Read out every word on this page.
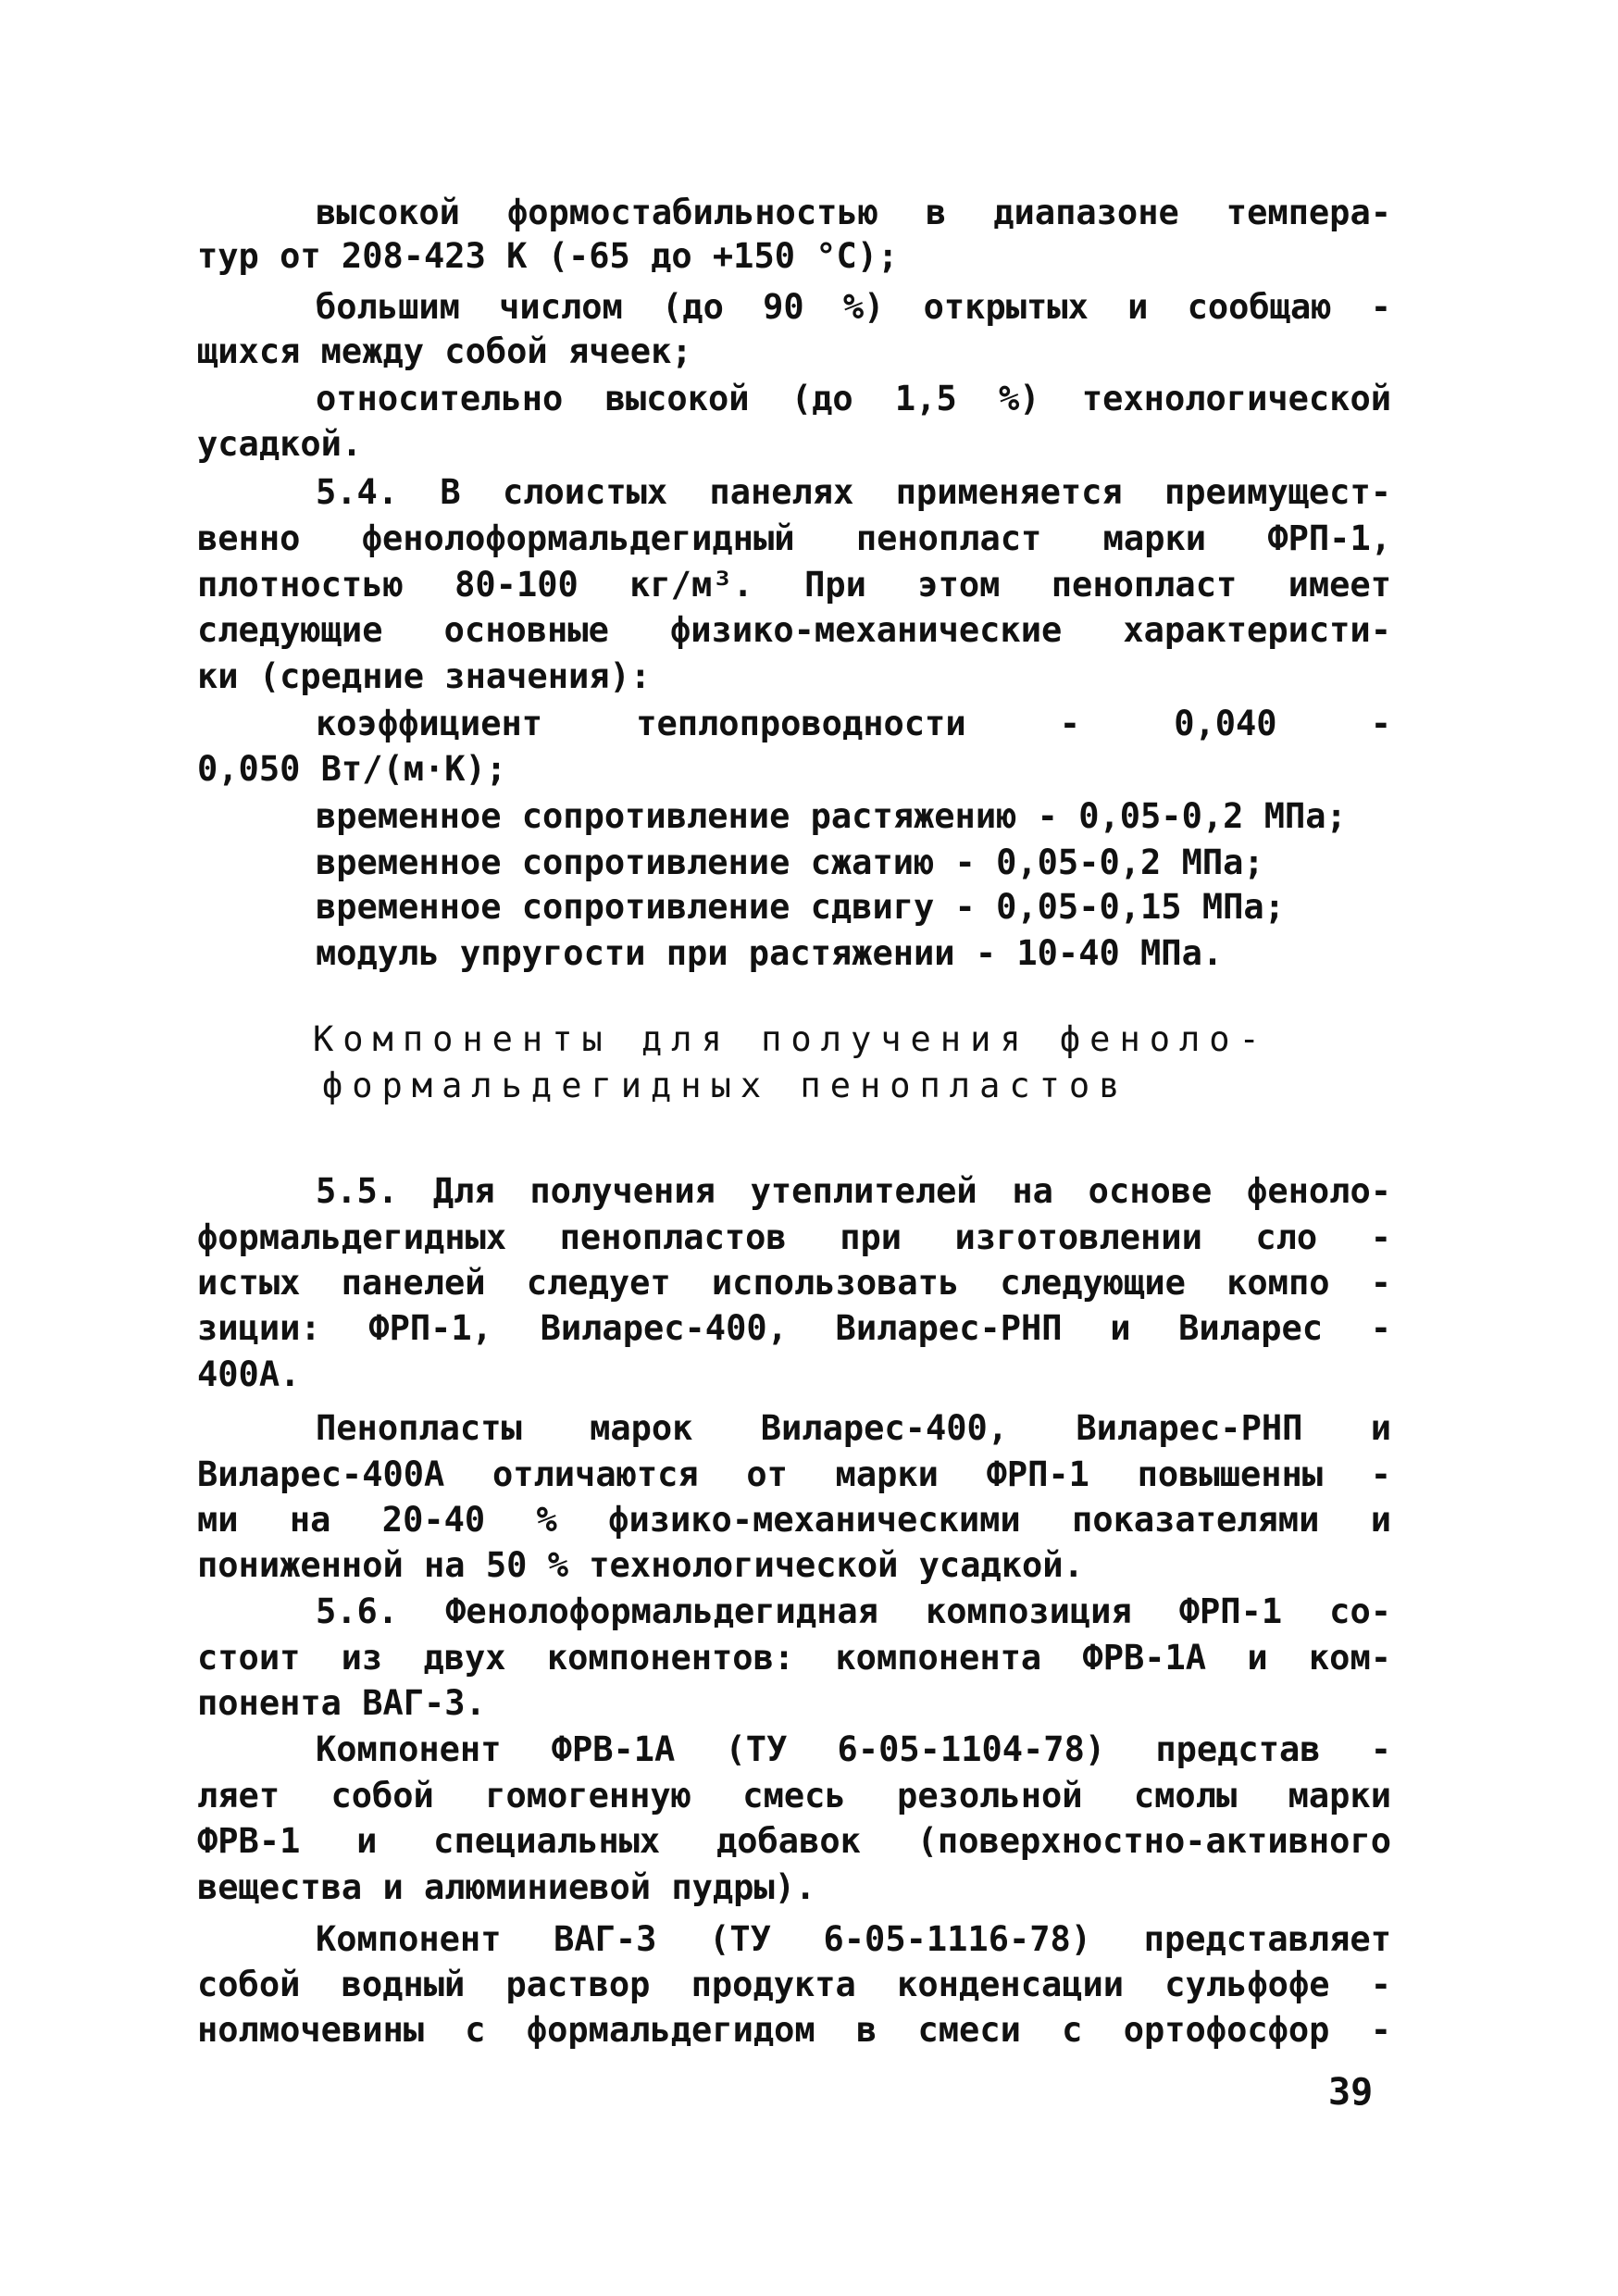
высокой формостабильностью в диапазоне темпера-
тур от 208-423 К (-65 до +150 °С);
большим числом (до 90 %) открытых и сообщаю -
щихся между собой ячеек;
относительно высокой (до 1,5 %) технологической
усадкой.
5.4. В слоистых панелях применяется преимущест-
венно фенолоформальдегидный пенопласт марки ФРП-1,
плотностью 80-100 кг/м³. При этом пенопласт имеет
следующие основные физико-механические характеристи-
ки (средние значения):
коэффициент теплопроводности - 0,040 -
0,050 Вт/(м·К);
временное сопротивление растяжению - 0,05-0,2 МПа;
временное сопротивление сжатию - 0,05-0,2 МПа;
временное сопротивление сдвигу - 0,05-0,15 МПа;
модуль упругости при растяжении - 10-40 МПа.
Компоненты для получения феноло-
формальдегидных пенопластов
5.5. Для получения утеплителей на основе феноло-
формальдегидных пенопластов при изготовлении сло -
истых панелей следует использовать следующие компо -
зиции: ФРП-1, Виларес-400, Виларес-РНП и Виларес -
400А.
Пенопласты марок Виларес-400, Виларес-РНП и
Виларес-400А отличаются от марки ФРП-1 повышенны -
ми на 20-40 % физико-механическими показателями и
пониженной на 50 % технологической усадкой.
5.6. Фенолоформальдегидная композиция ФРП-1 со-
стоит из двух компонентов: компонента ФРВ-1А и ком-
понента ВАГ-3.
Компонент ФРВ-1А (ТУ 6-05-1104-78) представ -
ляет собой гомогенную смесь резольной смолы марки
ФРВ-1 и специальных добавок (поверхностно-активного
вещества и алюминиевой пудры).
Компонент ВАГ-3 (ТУ 6-05-1116-78) представляет
собой водный раствор продукта конденсации сульфофе -
нолмочевины с формальдегидом в смеси с ортофосфор -
39
